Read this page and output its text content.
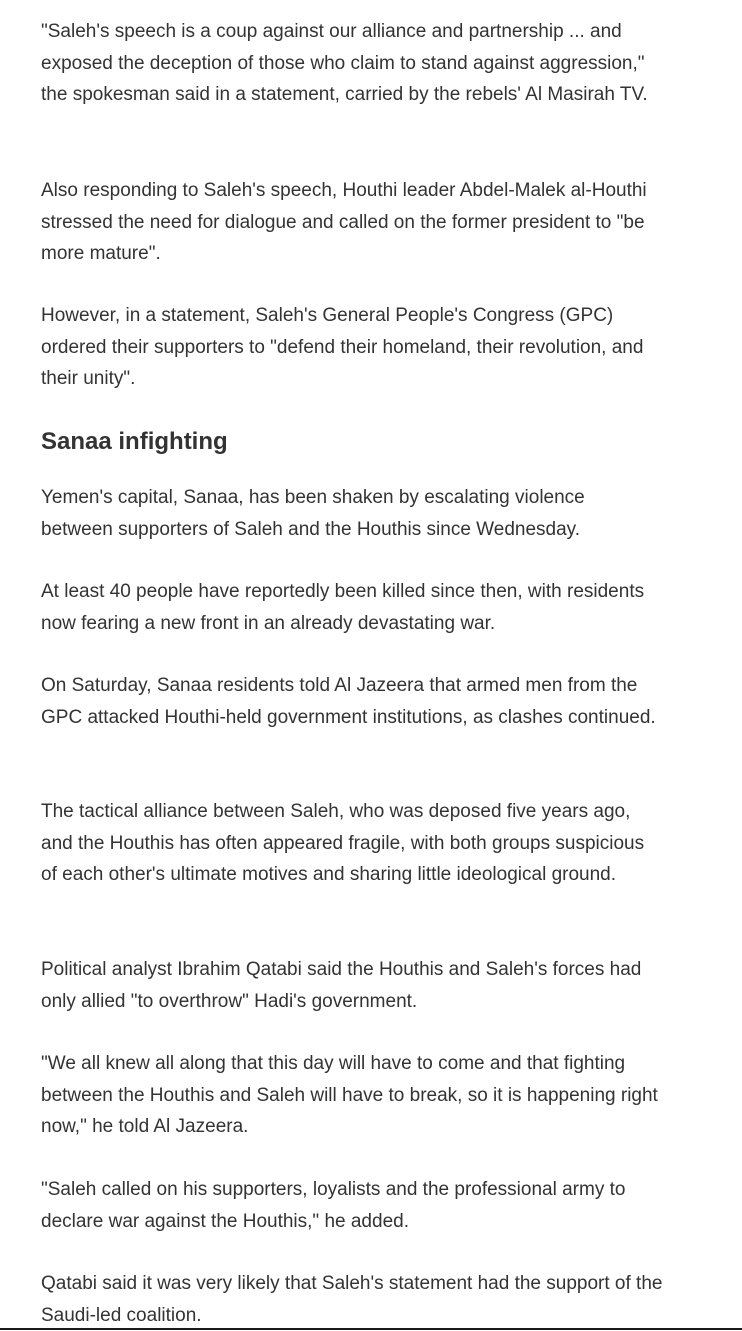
"Saleh's speech is a coup against our alliance and partnership ... and exposed the deception of those who claim to stand against aggression," the spokesman said in a statement, carried by the rebels' Al Masirah TV.

Also responding to Saleh's speech, Houthi leader Abdel-Malek al-Houthi stressed the need for dialogue and called on the former president to "be more mature".

However, in a statement, Saleh's General People's Congress (GPC) ordered their supporters to "defend their homeland, their revolution, and their unity".

Sanaa infighting

Yemen's capital, Sanaa, has been shaken by escalating violence between supporters of Saleh and the Houthis since Wednesday.

At least 40 people have reportedly been killed since then, with residents now fearing a new front in an already devastating war.

On Saturday, Sanaa residents told Al Jazeera that armed men from the GPC attacked Houthi-held government institutions, as clashes continued.

The tactical alliance between Saleh, who was deposed five years ago, and the Houthis has often appeared fragile, with both groups suspicious of each other's ultimate motives and sharing little ideological ground.

Political analyst Ibrahim Qatabi said the Houthis and Saleh's forces had only allied "to overthrow" Hadi's government.

"We all knew all along that this day will have to come and that fighting between the Houthis and Saleh will have to break, so it is happening right now," he told Al Jazeera.

"Saleh called on his supporters, loyalists and the professional army to declare war against the Houthis," he added.

Qatabi said it was very likely that Saleh's statement had the support of the Saudi-led coalition.
